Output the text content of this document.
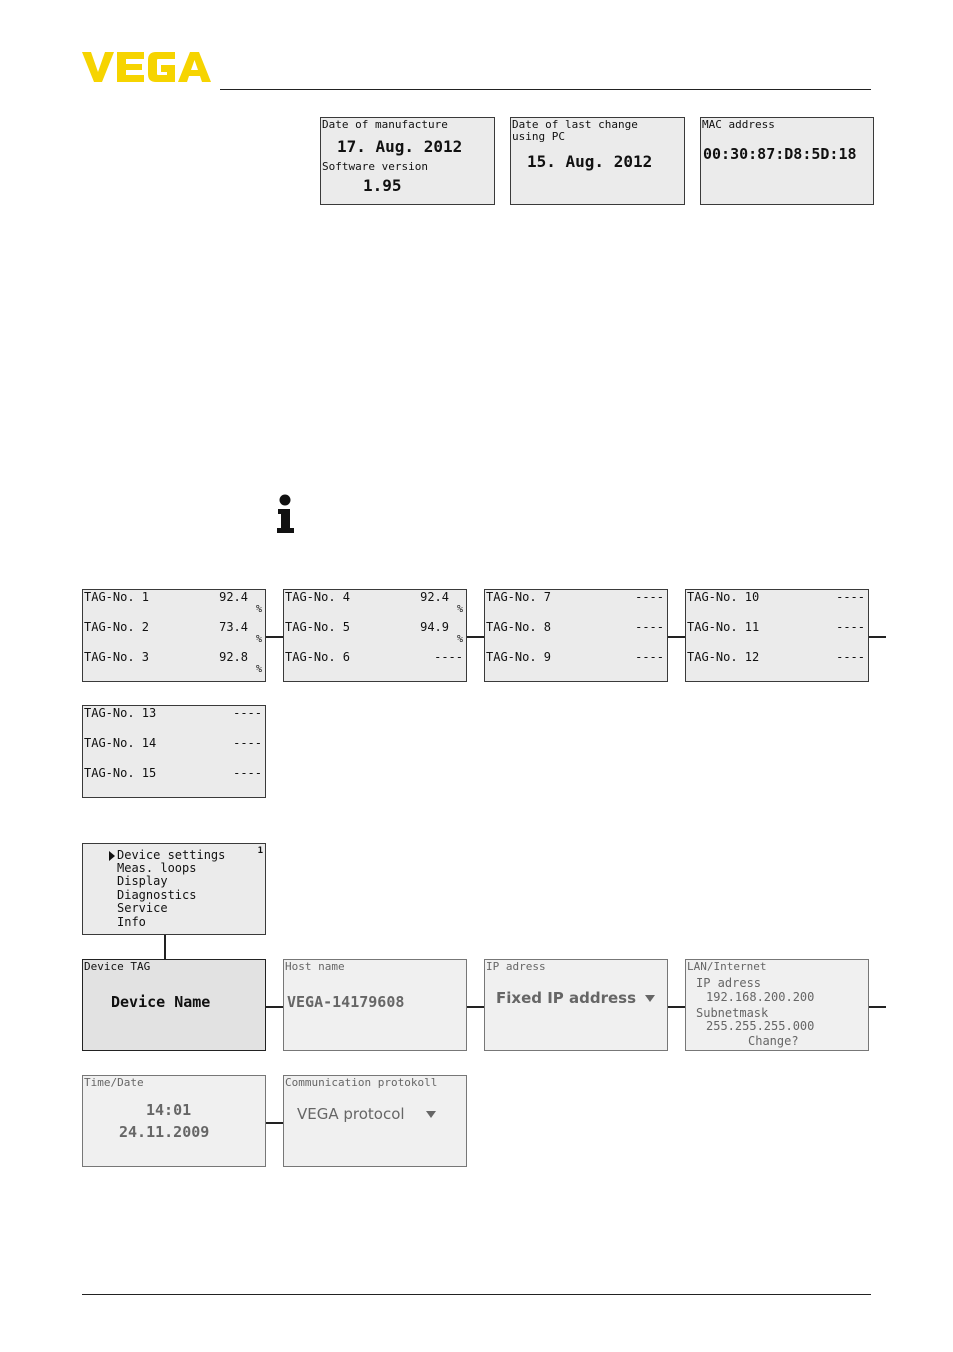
Date of manufacture
17. Aug. 2012
Software version
1.95
Date of last change
using PC
15. Aug. 2012
MAC address
00:30:87:D8:5D:18
TAG-No. 1	92.4
%
TAG-No. 2	73.4
%
TAG-No. 3	92.8
%
TAG-No. 4	92.4
%
TAG-No. 5	94.9
%
TAG-No. 6	----
TAG-No. 7	----
TAG-No. 8	----
TAG-No. 9	----
TAG-No. 10	----
TAG-No. 11	----
TAG-No. 12	----
TAG-No. 13	----
TAG-No. 14	----
TAG-No. 15	----
1
Device settings
Meas. loops
Display
Diagnostics
Service
Info
Device TAG
Device Name
Host name
VEGA-14179608
IP adress
Fixed IP address
LAN/Internet
IP adress
192.168.200.200
Subnetmask
255.255.255.000
Change?
Time/Date
14:01
24.11.2009
Communication protokoll
VEGA protocol
